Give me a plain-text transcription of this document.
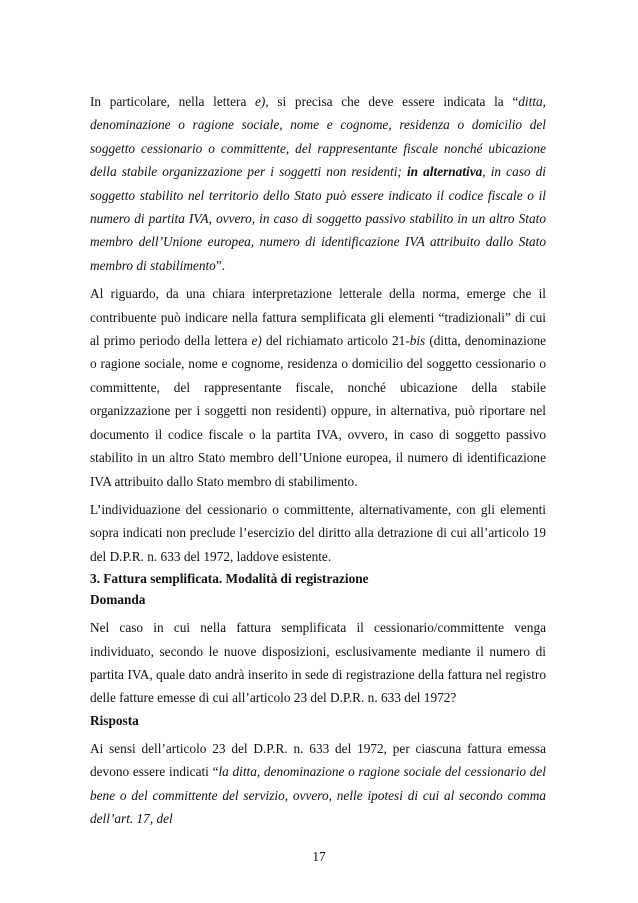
In particolare, nella lettera e), si precisa che deve essere indicata la “ditta, denominazione o ragione sociale, nome e cognome, residenza o domicilio del soggetto cessionario o committente, del rappresentante fiscale nonché ubicazione della stabile organizzazione per i soggetti non residenti; in alternativa, in caso di soggetto stabilito nel territorio dello Stato può essere indicato il codice fiscale o il numero di partita IVA, ovvero, in caso di soggetto passivo stabilito in un altro Stato membro dell’Unione europea, numero di identificazione IVA attribuito dallo Stato membro di stabilimento”.

Al riguardo, da una chiara interpretazione letterale della norma, emerge che il contribuente può indicare nella fattura semplificata gli elementi “tradizionali” di cui al primo periodo della lettera e) del richiamato articolo 21-bis (ditta, denominazione o ragione sociale, nome e cognome, residenza o domicilio del soggetto cessionario o committente, del rappresentante fiscale, nonché ubicazione della stabile organizzazione per i soggetti non residenti) oppure, in alternativa, può riportare nel documento il codice fiscale o la partita IVA, ovvero, in caso di soggetto passivo stabilito in un altro Stato membro dell’Unione europea, il numero di identificazione IVA attribuito dallo Stato membro di stabilimento.

L’individuazione del cessionario o committente, alternativamente, con gli elementi sopra indicati non preclude l’esercizio del diritto alla detrazione di cui all’articolo 19 del D.P.R. n. 633 del 1972, laddove esistente.

3. Fattura semplificata. Modalità di registrazione

Domanda

Nel caso in cui nella fattura semplificata il cessionario/committente venga individuato, secondo le nuove disposizioni, esclusivamente mediante il numero di partita IVA, quale dato andrà inserito in sede di registrazione della fattura nel registro delle fatture emesse di cui all’articolo 23 del D.P.R. n. 633 del 1972?

Risposta

Ai sensi dell’articolo 23 del D.P.R. n. 633 del 1972, per ciascuna fattura emessa devono essere indicati “la ditta, denominazione o ragione sociale del cessionario del bene o del committente del servizio, ovvero, nelle ipotesi di cui al secondo comma dell’art. 17, del

17
